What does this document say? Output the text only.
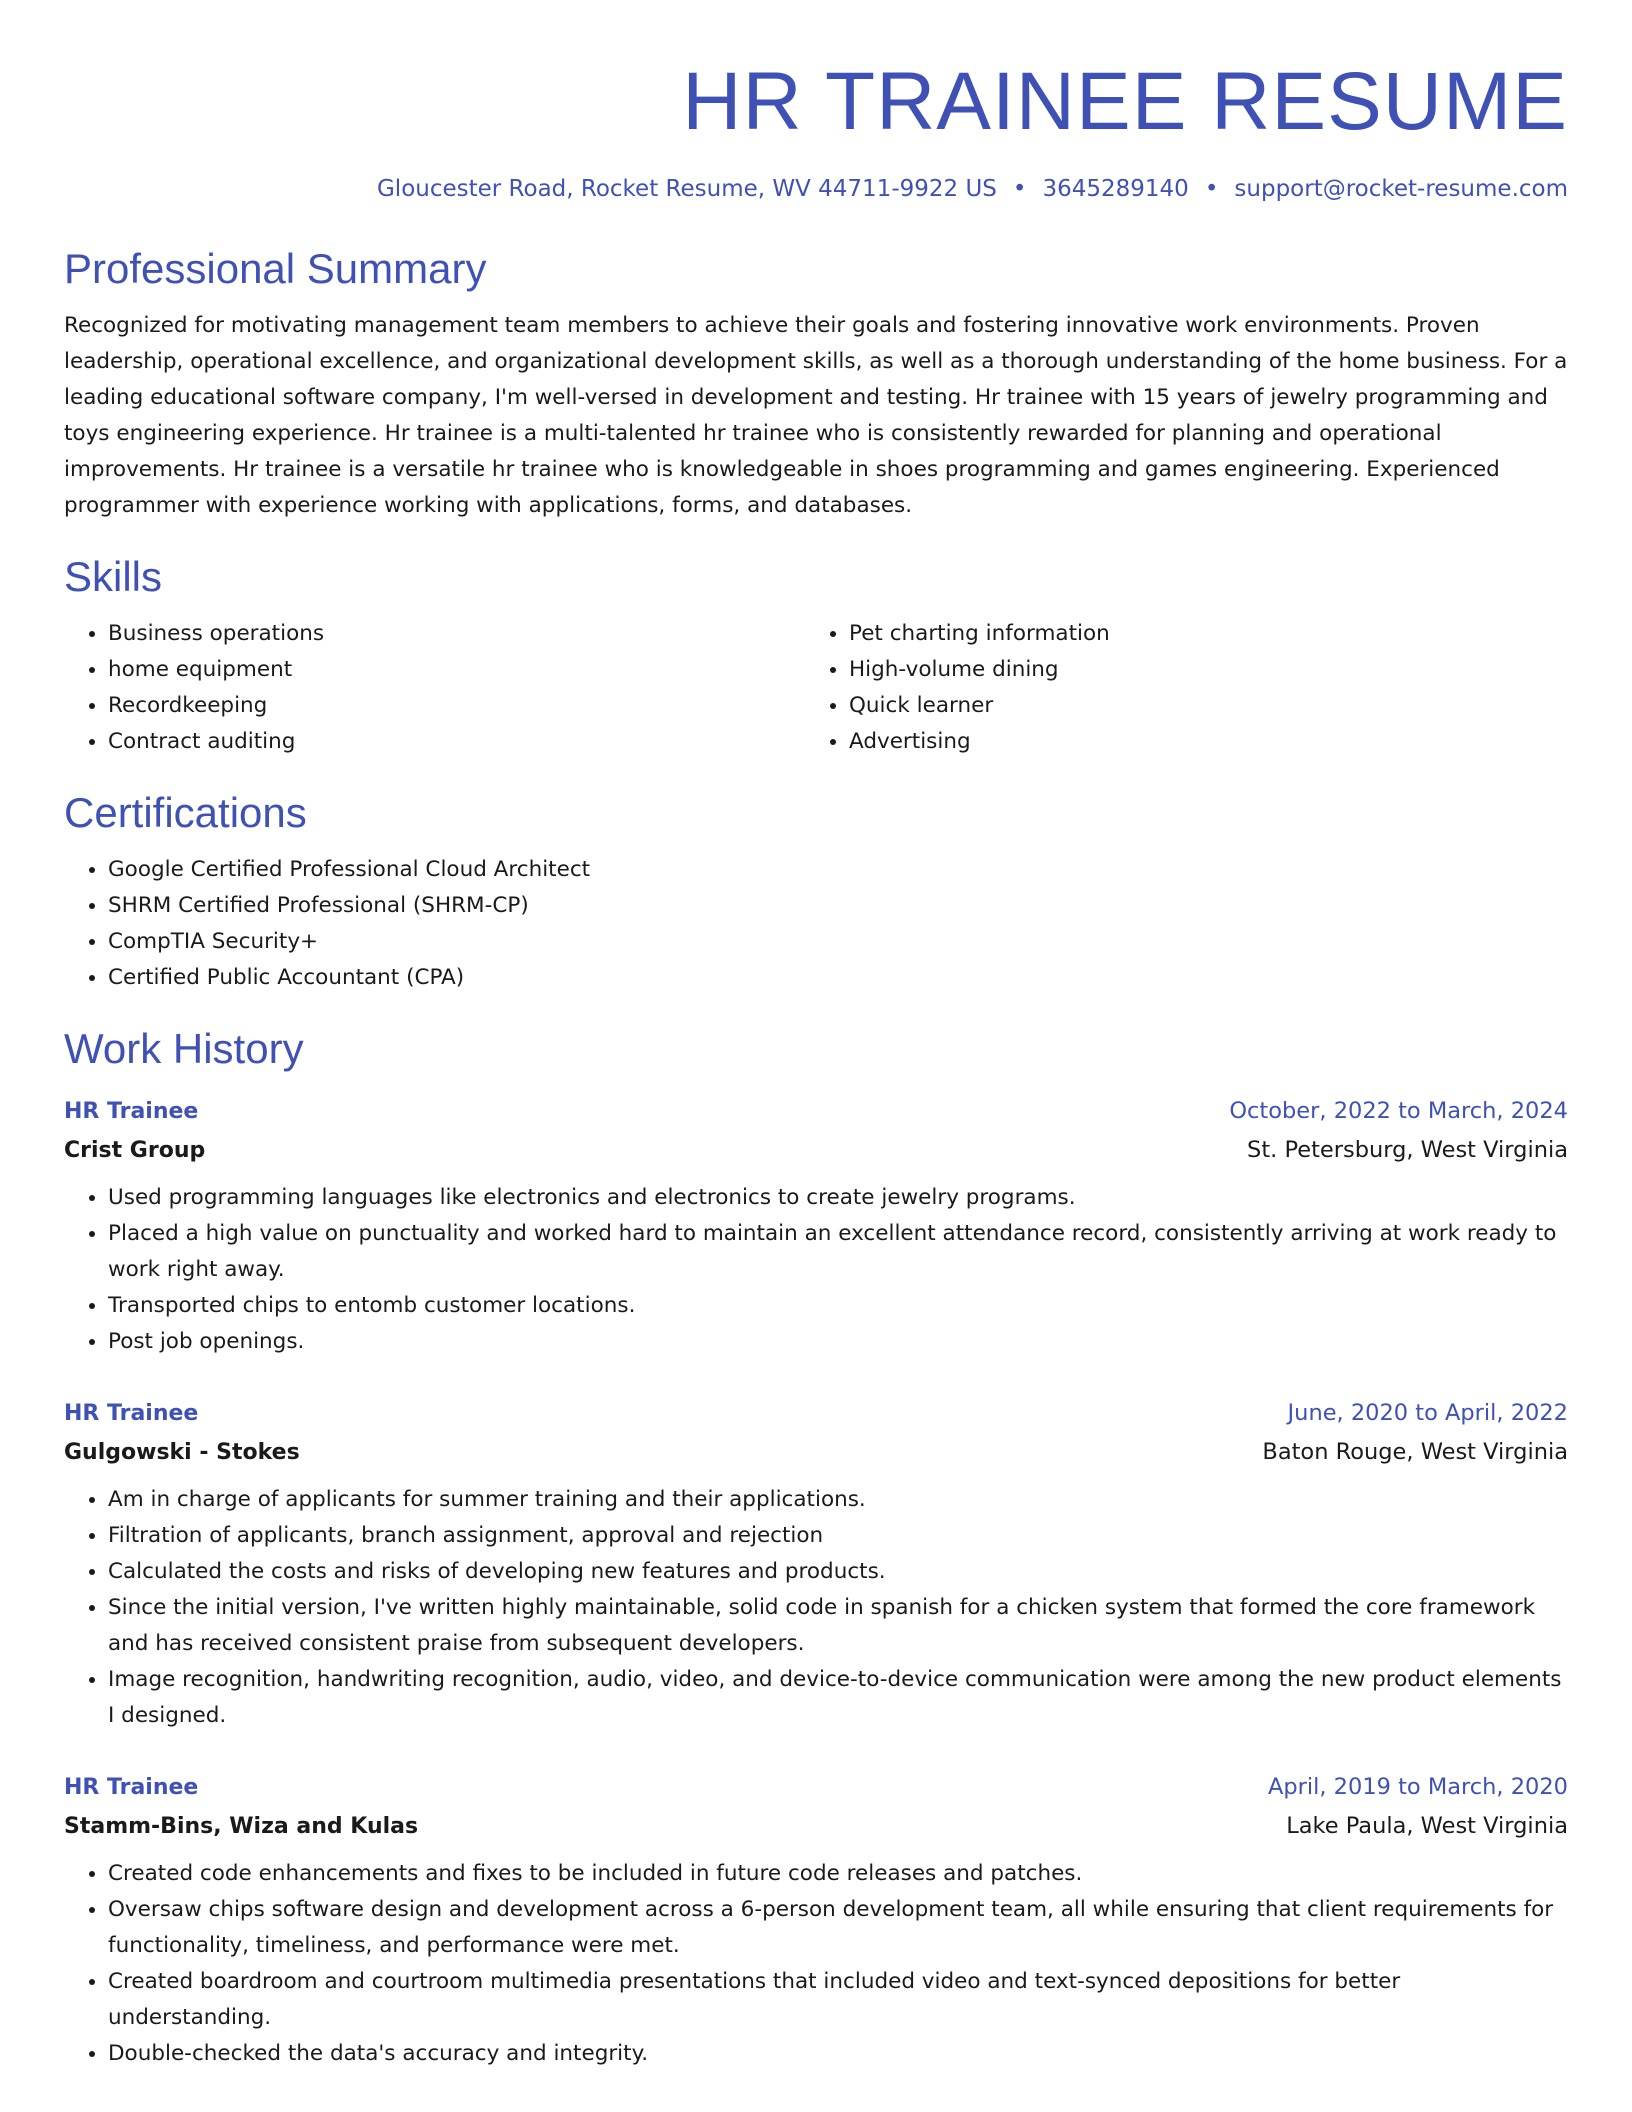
HR TRAINEE RESUME
Gloucester Road, Rocket Resume, WV 44711-9922 US • 3645289140 • support@rocket-resume.com
Professional Summary

Recognized for motivating management team members to achieve their goals and fostering innovative work environments. Proven leadership, operational excellence, and organizational development skills, as well as a thorough understanding of the home business. For a leading educational software company, I'm well-versed in development and testing. Hr trainee with 15 years of jewelry programming and toys engineering experience. Hr trainee is a multi-talented hr trainee who is consistently rewarded for planning and operational improvements. Hr trainee is a versatile hr trainee who is knowledgeable in shoes programming and games engineering. Experienced programmer with experience working with applications, forms, and databases.

Skills
• Business operations
• home equipment
• Recordkeeping
• Contract auditing
• Pet charting information
• High-volume dining
• Quick learner
• Advertising
Certifications
• Google Certified Professional Cloud Architect
• SHRM Certified Professional (SHRM-CP)
• CompTIA Security+
• Certified Public Accountant (CPA)
Work History
HR Trainee	October, 2022 to March, 2024
Crist Group	St. Petersburg, West Virginia
• Used programming languages like electronics and electronics to create jewelry programs.
• Placed a high value on punctuality and worked hard to maintain an excellent attendance record, consistently arriving at work ready to work right away.
• Transported chips to entomb customer locations.
• Post job openings.
HR Trainee	June, 2020 to April, 2022
Gulgowski - Stokes	Baton Rouge, West Virginia
• Am in charge of applicants for summer training and their applications.
• Filtration of applicants, branch assignment, approval and rejection
• Calculated the costs and risks of developing new features and products.
• Since the initial version, I've written highly maintainable, solid code in spanish for a chicken system that formed the core framework and has received consistent praise from subsequent developers.
• Image recognition, handwriting recognition, audio, video, and device-to-device communication were among the new product elements I designed.
HR Trainee	April, 2019 to March, 2020
Stamm-Bins, Wiza and Kulas	Lake Paula, West Virginia
• Created code enhancements and fixes to be included in future code releases and patches.
• Oversaw chips software design and development across a 6-person development team, all while ensuring that client requirements for functionality, timeliness, and performance were met.
• Created boardroom and courtroom multimedia presentations that included video and text-synced depositions for better understanding.
• Double-checked the data's accuracy and integrity.
